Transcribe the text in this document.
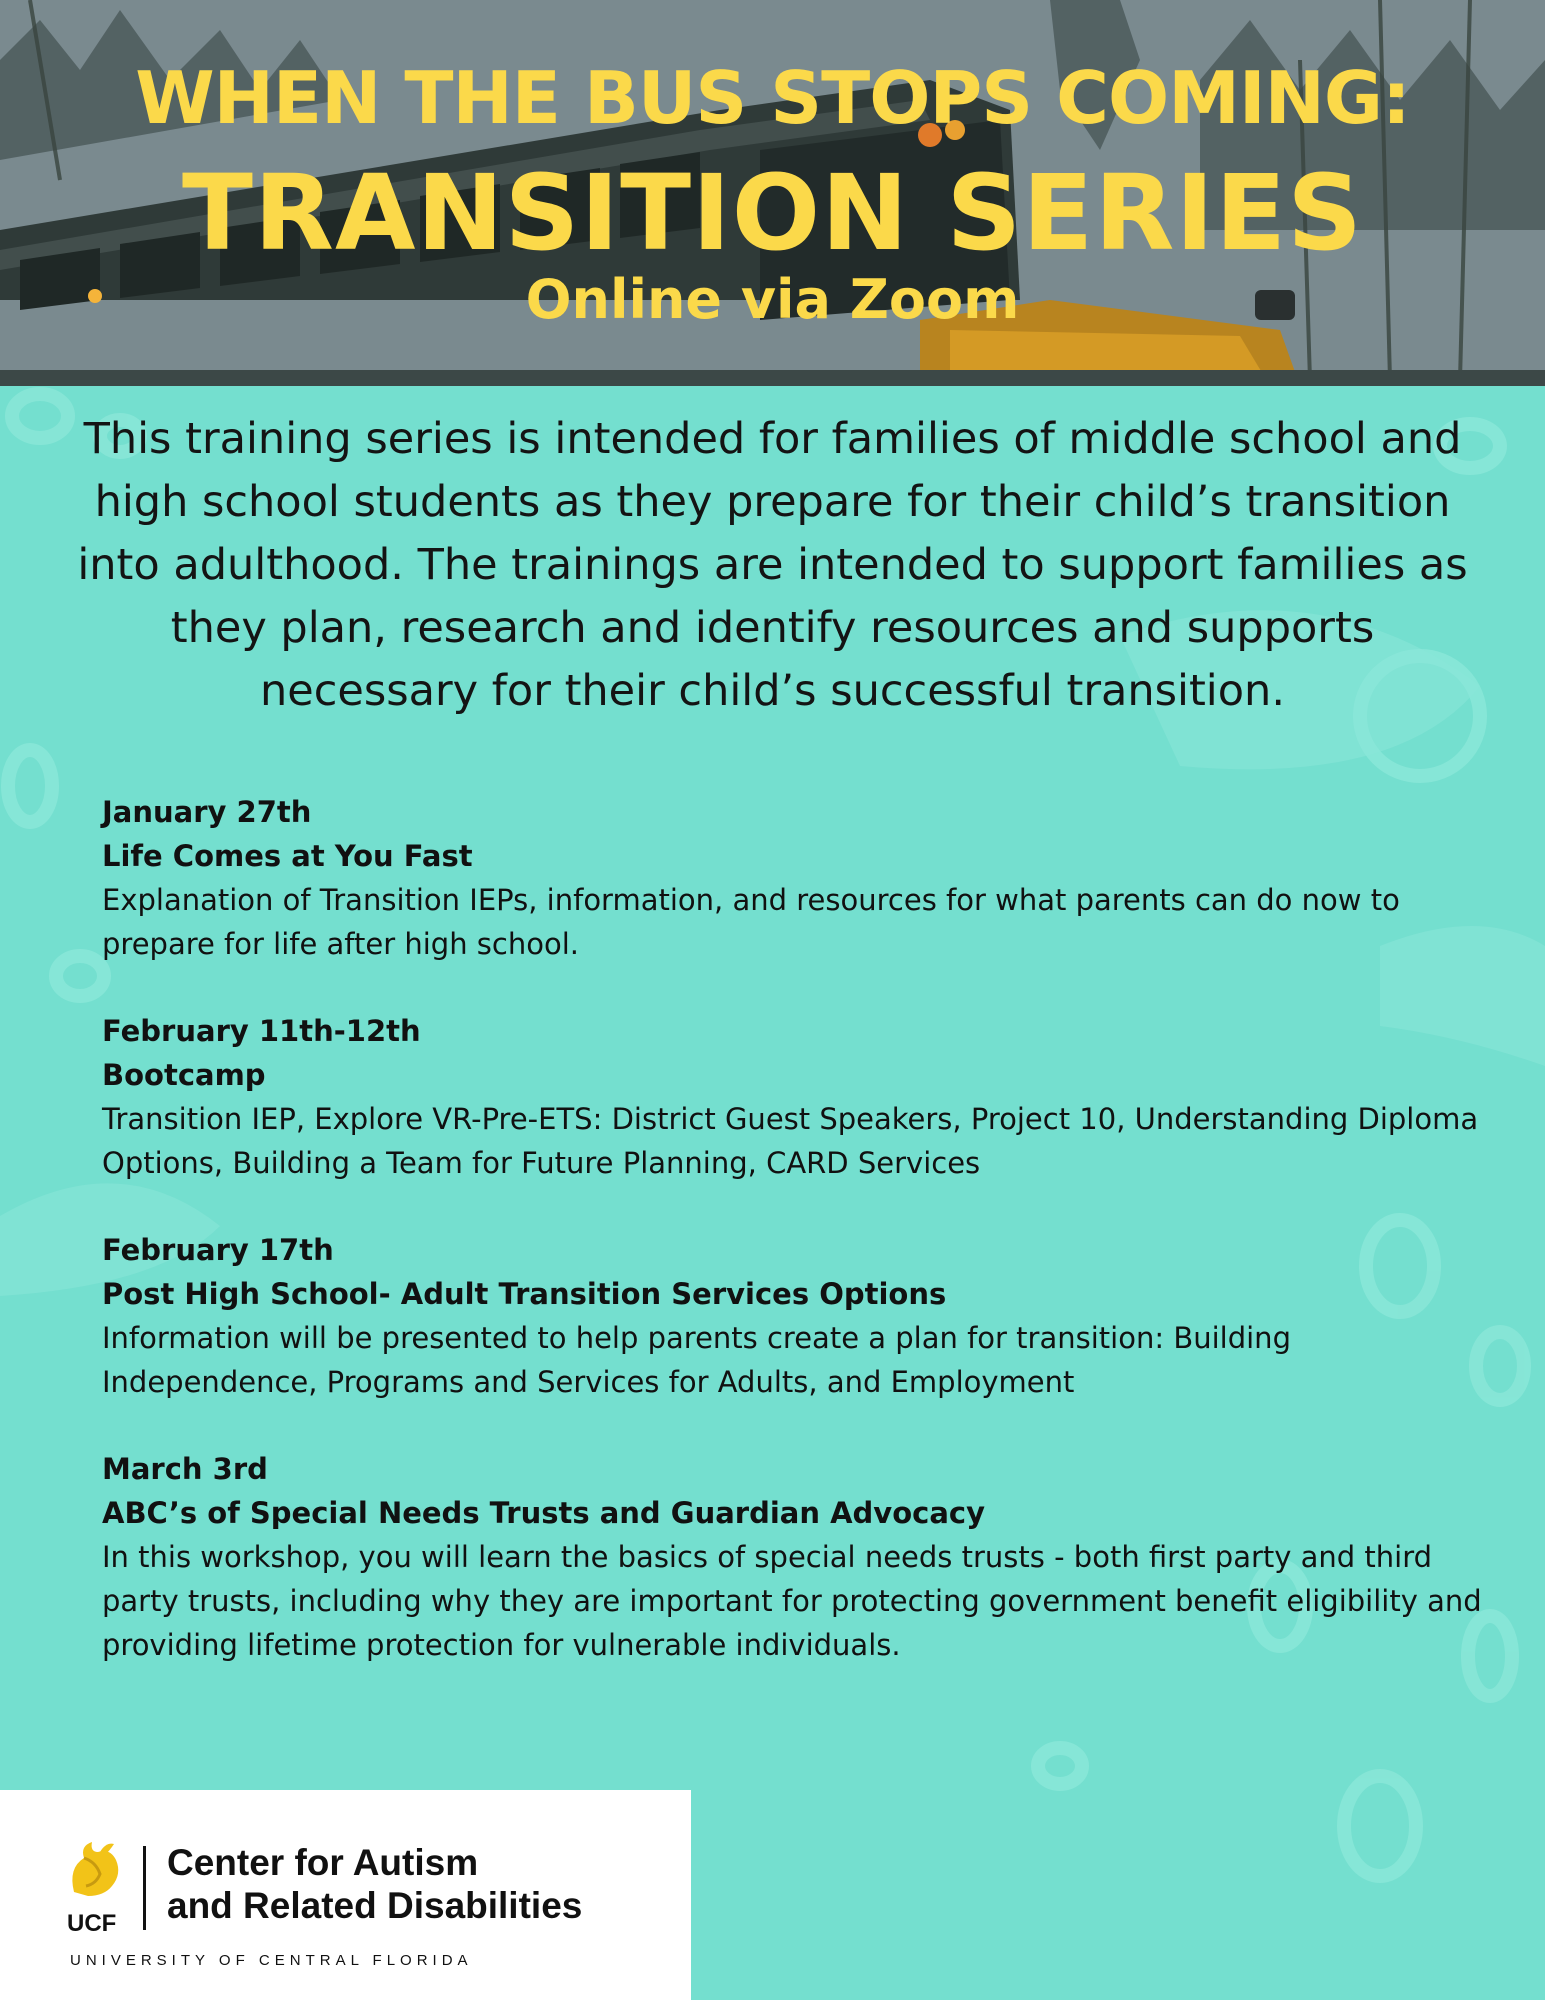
WHEN THE BUS STOPS COMING:
TRANSITION SERIES
Online via Zoom
This training series is intended for families of middle school and high school students as they prepare for their child’s transition into adulthood. The trainings are intended to support families as they plan, research and identify resources and supports necessary for their child’s successful transition.
January 27th
Life Comes at You Fast
Explanation of Transition IEPs, information, and resources for what parents can do now to prepare for life after high school.
February 11th-12th
Bootcamp
Transition IEP, Explore VR-Pre-ETS: District Guest Speakers, Project 10, Understanding Diploma Options, Building a Team for Future Planning, CARD Services
February 17th
Post High School- Adult Transition Services Options
Information will be presented to help parents create a plan for transition: Building Independence, Programs and Services for Adults, and Employment
March 3rd
ABC’s of Special Needs Trusts and Guardian Advocacy
In this workshop, you will learn the basics of special needs trusts - both first party and third party trusts, including why they are important for protecting government benefit eligibility and providing lifetime protection for vulnerable individuals.
UCF
Center for Autism
and Related Disabilities
UNIVERSITY OF CENTRAL FLORIDA
